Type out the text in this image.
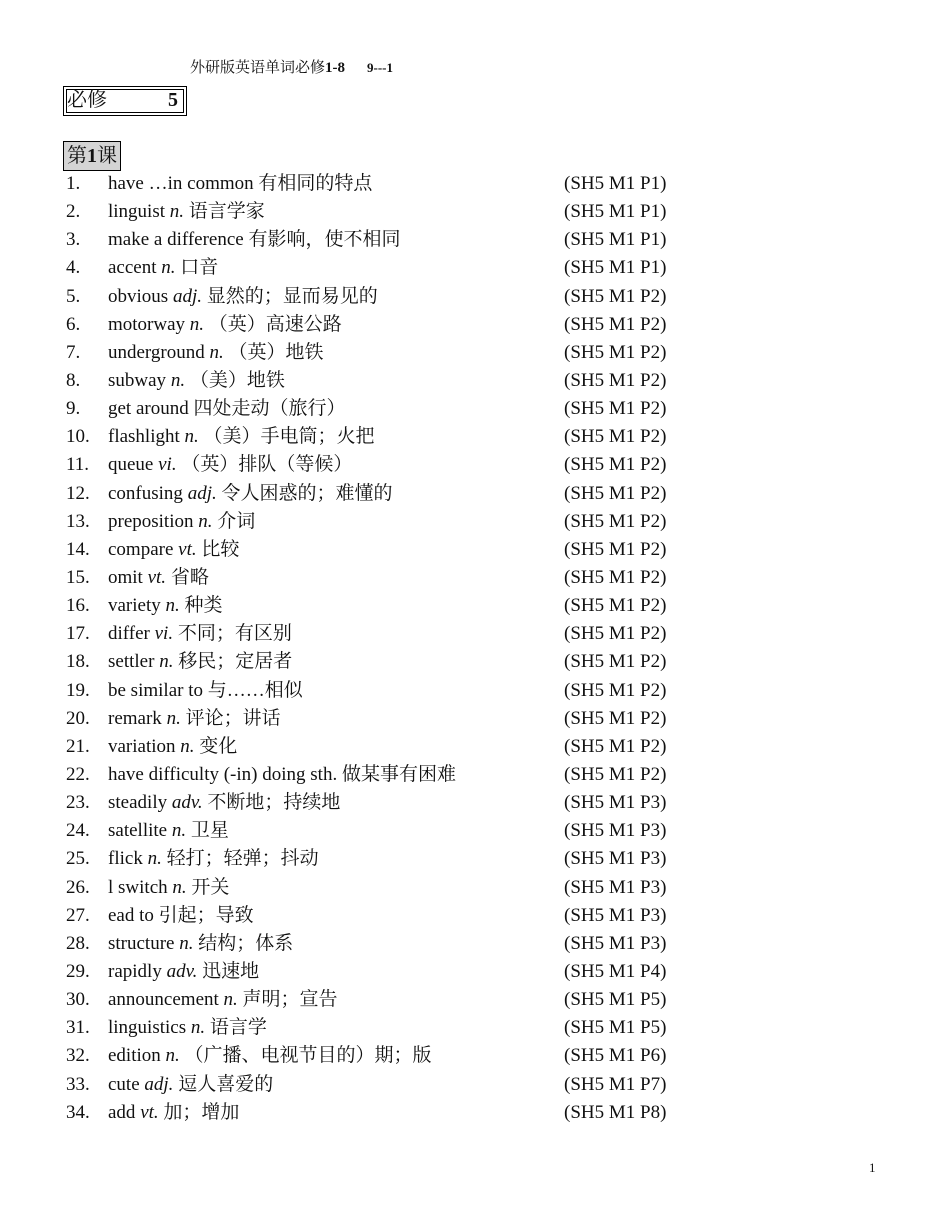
外研版英语单词必修1-8 9---1
必修	5
第1课
1. have …in common 有相同的特点	(SH5 M1 P1)
2. linguist n. 语言学家	(SH5 M1 P1)
3. make a difference 有影响，使不相同	(SH5 M1 P1)
4. accent n. 口音	(SH5 M1 P1)
5. obvious adj. 显然的；显而易见的	(SH5 M1 P2)
6. motorway n. （英）高速公路	(SH5 M1 P2)
7. underground n. （英）地铁	(SH5 M1 P2)
8. subway n. （美）地铁	(SH5 M1 P2)
9. get around 四处走动（旅行）	(SH5 M1 P2)
10. flashlight n. （美）手电筒；火把	(SH5 M1 P2)
11. queue vi. （英）排队（等候）	(SH5 M1 P2)
12. confusing adj. 令人困惑的；难懂的	(SH5 M1 P2)
13. preposition n. 介词	(SH5 M1 P2)
14. compare vt. 比较	(SH5 M1 P2)
15. omit vt. 省略	(SH5 M1 P2)
16. variety n. 种类	(SH5 M1 P2)
17. differ vi. 不同；有区别	(SH5 M1 P2)
18. settler n. 移民；定居者	(SH5 M1 P2)
19. be similar to 与……相似	(SH5 M1 P2)
20. remark n. 评论；讲话	(SH5 M1 P2)
21. variation n. 变化	(SH5 M1 P2)
22. have difficulty (-in) doing sth. 做某事有困难	(SH5 M1 P2)
23. steadily adv. 不断地；持续地	(SH5 M1 P3)
24. satellite n. 卫星	(SH5 M1 P3)
25. flick n. 轻打；轻弹；抖动	(SH5 M1 P3)
26. l switch n. 开关	(SH5 M1 P3)
27. ead to 引起；导致	(SH5 M1 P3)
28. structure n. 结构；体系	(SH5 M1 P3)
29. rapidly adv. 迅速地	(SH5 M1 P4)
30. announcement n. 声明；宣告	(SH5 M1 P5)
31. linguistics n. 语言学	(SH5 M1 P5)
32. edition n. （广播、电视节目的）期；版	(SH5 M1 P6)
33. cute adj. 逗人喜爱的	(SH5 M1 P7)
34. add vt. 加；增加	(SH5 M1 P8)
1
